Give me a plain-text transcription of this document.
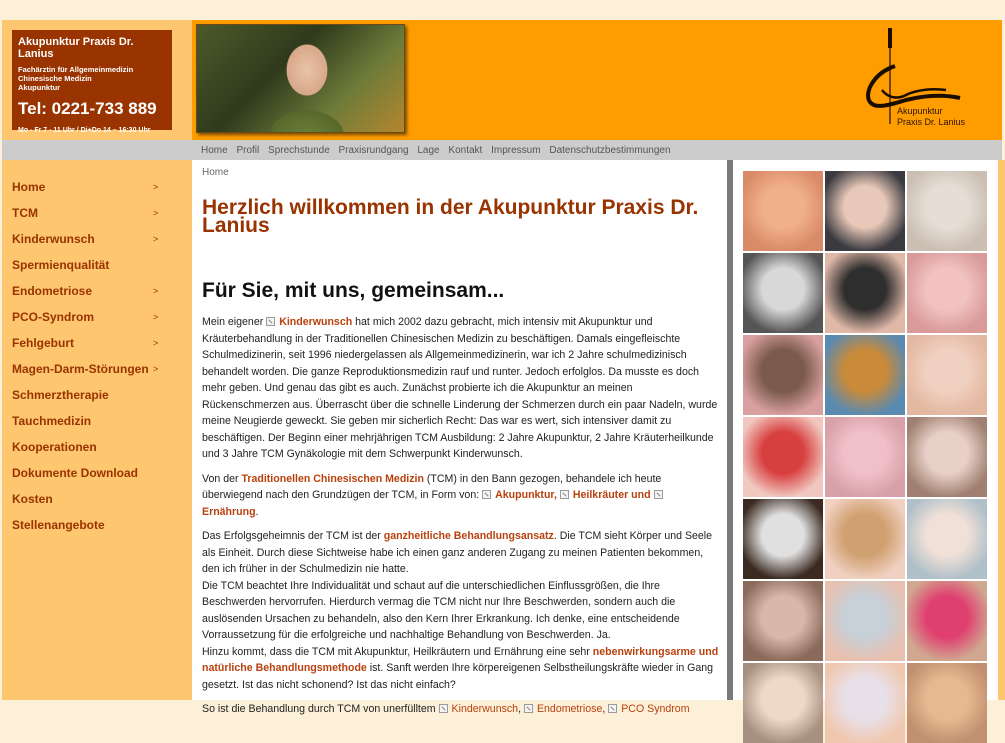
Akupunktur Praxis Dr. Lanius
Fachärztin für Allgemeinmedizin
Chinesische Medizin
Akupunktur
Tel: 0221-733 889
Mo - Fr 7 - 11 Uhr / Di+Do 14 – 16:30 Uhr
Akupunktur
Praxis Dr. Lanius
Home Profil Sprechstunde Praxisrundgang Lage Kontakt Impressum Datenschutzbestimmungen
Home	>
TCM	>
Kinderwunsch	>
Spermienqualität
Endometriose	>
PCO-Syndrom	>
Fehlgeburt	>
Magen-Darm-Störungen >
Schmerztherapie
Tauchmedizin
Kooperationen
Dokumente Download
Kosten
Stellenangebote
Home
Herzlich willkommen in der Akupunktur Praxis Dr. Lanius
Für Sie, mit uns, gemeinsam...

Mein eigener Kinderwunsch hat mich 2002 dazu gebracht, mich intensiv mit Akupunktur und Kräuterbehandlung in der Traditionellen Chinesischen Medizin zu beschäftigen. Damals eingefleischte Schulmedizinerin, seit 1996 niedergelassen als Allgemeinmedizinerin, war ich 2 Jahre schulmedizinisch behandelt worden. Die ganze Reproduktionsmedizin rauf und runter. Jedoch erfolglos. Da musste es doch mehr geben. Und genau das gibt es auch. Zunächst probierte ich die Akupunktur an meinen Rückenschmerzen aus. Überrascht über die schnelle Linderung der Schmerzen durch ein paar Nadeln, wurde meine Neugierde geweckt. Sie geben mir sicherlich Recht: Das war es wert, sich intensiver damit zu beschäftigen. Der Beginn einer mehrjährigen TCM Ausbildung: 2 Jahre Akupunktur, 2 Jahre Kräuterheilkunde und 3 Jahre TCM Gynäkologie mit dem Schwerpunkt Kinderwunsch.

Von der Traditionellen Chinesischen Medizin (TCM) in den Bann gezogen, behandele ich heute überwiegend nach den Grundzügen der TCM, in Form von: Akupunktur, Heilkräuter und Ernährung.

Das Erfolgsgeheimnis der TCM ist der ganzheitliche Behandlungsansatz. Die TCM sieht Körper und Seele als Einheit. Durch diese Sichtweise habe ich einen ganz anderen Zugang zu meinen Patienten bekommen, den ich früher in der Schulmedizin nie hatte.
Die TCM beachtet Ihre Individualität und schaut auf die unterschiedlichen Einflussgrößen, die Ihre Beschwerden hervorrufen. Hierdurch vermag die TCM nicht nur Ihre Beschwerden, sondern auch die auslösenden Ursachen zu behandeln, also den Kern Ihrer Erkrankung. Ich denke, eine entscheidende Vorraussetzung für die erfolgreiche und nachhaltige Behandlung von Beschwerden. Ja.
Hinzu kommt, dass die TCM mit Akupunktur, Heilkräutern und Ernährung eine sehr nebenwirkungsarme und natürliche Behandlungsmethode ist. Sanft werden Ihre körpereigenen Selbstheilungskräfte wieder in Gang gesetzt. Ist das nicht schonend? Ist das nicht einfach?

So ist die Behandlung durch TCM von unerfülltem Kinderwunsch, Endometriose, PCO Syndrom
